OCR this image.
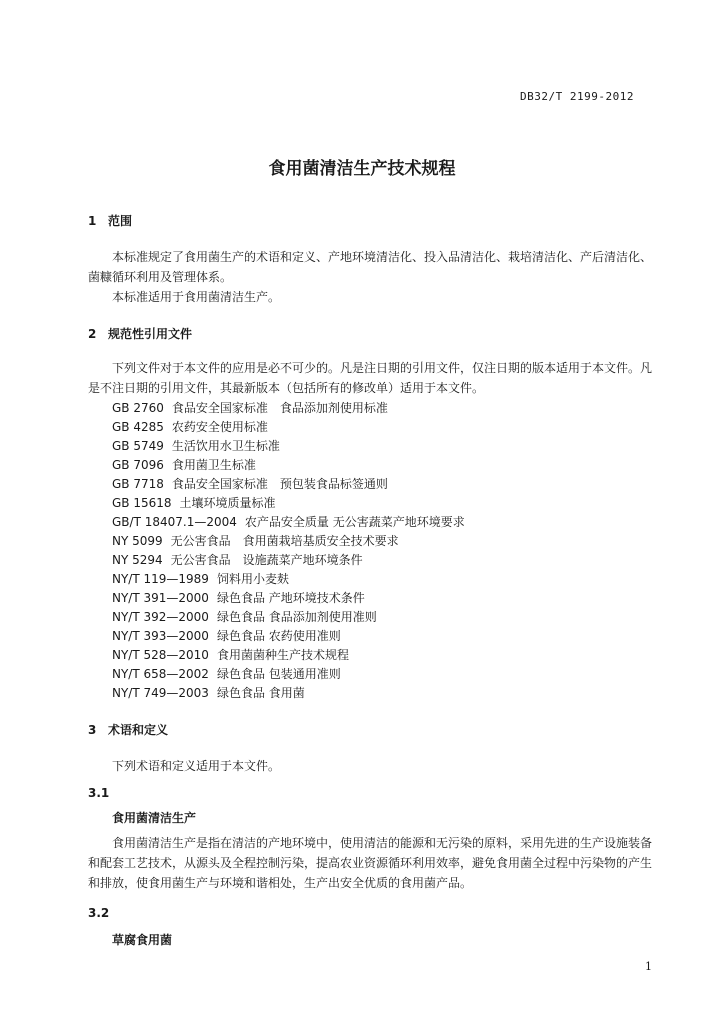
DB32/T 2199-2012
食用菌清洁生产技术规程
1 范围
本标准规定了食用菌生产的术语和定义、产地环境清洁化、投入品清洁化、栽培清洁化、产后清洁化、菌糠循环利用及管理体系。
本标准适用于食用菌清洁生产。
2 规范性引用文件
下列文件对于本文件的应用是必不可少的。凡是注日期的引用文件，仅注日期的版本适用于本文件。凡是不注日期的引用文件，其最新版本（包括所有的修改单）适用于本文件。
GB 2760 食品安全国家标准　食品添加剂使用标准
GB 4285 农药安全使用标准
GB 5749 生活饮用水卫生标准
GB 7096 食用菌卫生标准
GB 7718 食品安全国家标准　预包装食品标签通则
GB 15618 土壤环境质量标准
GB/T 18407.1—2004 农产品安全质量 无公害蔬菜产地环境要求
NY 5099 无公害食品　食用菌栽培基质安全技术要求
NY 5294 无公害食品　设施蔬菜产地环境条件
NY/T 119—1989 饲料用小麦麸
NY/T 391—2000 绿色食品 产地环境技术条件
NY/T 392—2000 绿色食品 食品添加剂使用准则
NY/T 393—2000 绿色食品 农药使用准则
NY/T 528—2010 食用菌菌种生产技术规程
NY/T 658—2002 绿色食品 包装通用准则
NY/T 749—2003 绿色食品 食用菌
3 术语和定义
下列术语和定义适用于本文件。
3.1
食用菌清洁生产
食用菌清洁生产是指在清洁的产地环境中，使用清洁的能源和无污染的原料，采用先进的生产设施装备和配套工艺技术，从源头及全程控制污染，提高农业资源循环利用效率，避免食用菌全过程中污染物的产生和排放，使食用菌生产与环境和谐相处，生产出安全优质的食用菌产品。
3.2
草腐食用菌
1
